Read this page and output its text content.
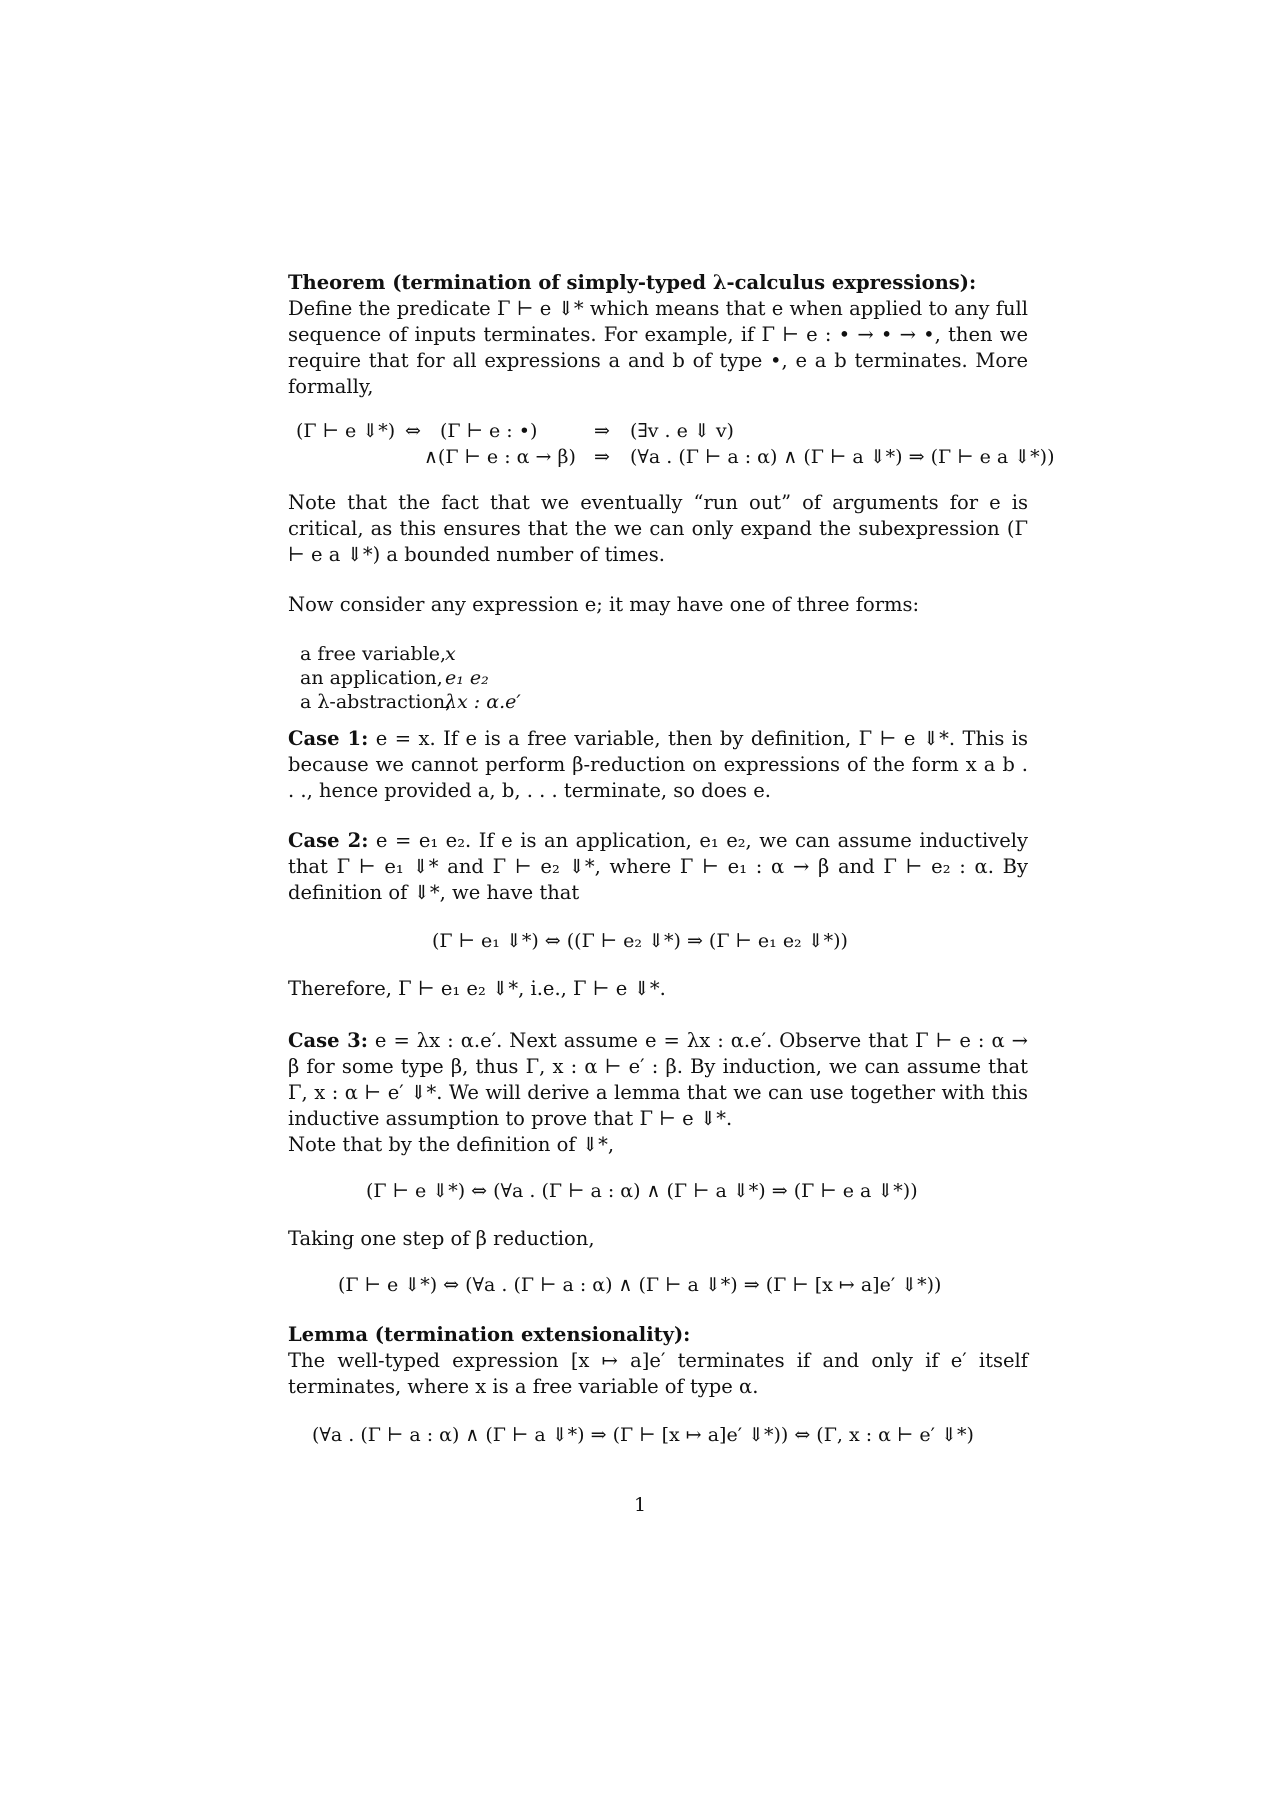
Theorem (termination of simply-typed λ-calculus expressions):
Define the predicate Γ ⊢ e ⇓* which means that e when applied to any full sequence of inputs terminates. For example, if Γ ⊢ e : • → • → •, then we require that for all expressions a and b of type •, e a b terminates. More formally,
(Γ ⊢ e ⇓*) ⇔ (Γ ⊢ e : •)	⇒ (∃v . e ⇓ v)
∧(Γ ⊢ e : α → β) ⇒ (∀a . (Γ ⊢ a : α) ∧ (Γ ⊢ a ⇓*) ⇒ (Γ ⊢ e a ⇓*))
Note that the fact that we eventually “run out” of arguments for e is critical, as this ensures that the we can only expand the subexpression (Γ ⊢ e a ⇓*) a bounded number of times.
Now consider any expression e; it may have one of three forms:
a free variable,
x
an application, e₁ e₂
a λ-abstraction,
λx : α.e′
Case 1: e = x. If e is a free variable, then by definition, Γ ⊢ e ⇓*. This is because we cannot perform β-reduction on expressions of the form x a b . . ., hence provided a, b, . . . terminate, so does e.
Case 2: e = e₁ e₂. If e is an application, e₁ e₂, we can assume inductively that Γ ⊢ e₁ ⇓* and Γ ⊢ e₂ ⇓*, where Γ ⊢ e₁ : α → β and Γ ⊢ e₂ : α. By definition of ⇓*, we have that
(Γ ⊢ e₁ ⇓*) ⇔ ((Γ ⊢ e₂ ⇓*) ⇒ (Γ ⊢ e₁ e₂ ⇓*))
Therefore, Γ ⊢ e₁ e₂ ⇓*, i.e., Γ ⊢ e ⇓*.
Case 3: e = λx : α.e′. Next assume e = λx : α.e′. Observe that Γ ⊢ e : α → β for some type β, thus Γ, x : α ⊢ e′ : β. By induction, we can assume that Γ, x : α ⊢ e′ ⇓*. We will derive a lemma that we can use together with this inductive assumption to prove that Γ ⊢ e ⇓*.
Note that by the definition of ⇓*,
(Γ ⊢ e ⇓*) ⇔ (∀a . (Γ ⊢ a : α) ∧ (Γ ⊢ a ⇓*) ⇒ (Γ ⊢ e a ⇓*))
Taking one step of β reduction,
(Γ ⊢ e ⇓*) ⇔ (∀a . (Γ ⊢ a : α) ∧ (Γ ⊢ a ⇓*) ⇒ (Γ ⊢ [x ↦ a]e′ ⇓*))
Lemma (termination extensionality):
The well-typed expression [x ↦ a]e′ terminates if and only if e′ itself terminates, where x is a free variable of type α.
(∀a . (Γ ⊢ a : α) ∧ (Γ ⊢ a ⇓*) ⇒ (Γ ⊢ [x ↦ a]e′ ⇓*)) ⇔ (Γ, x : α ⊢ e′ ⇓*)
1
